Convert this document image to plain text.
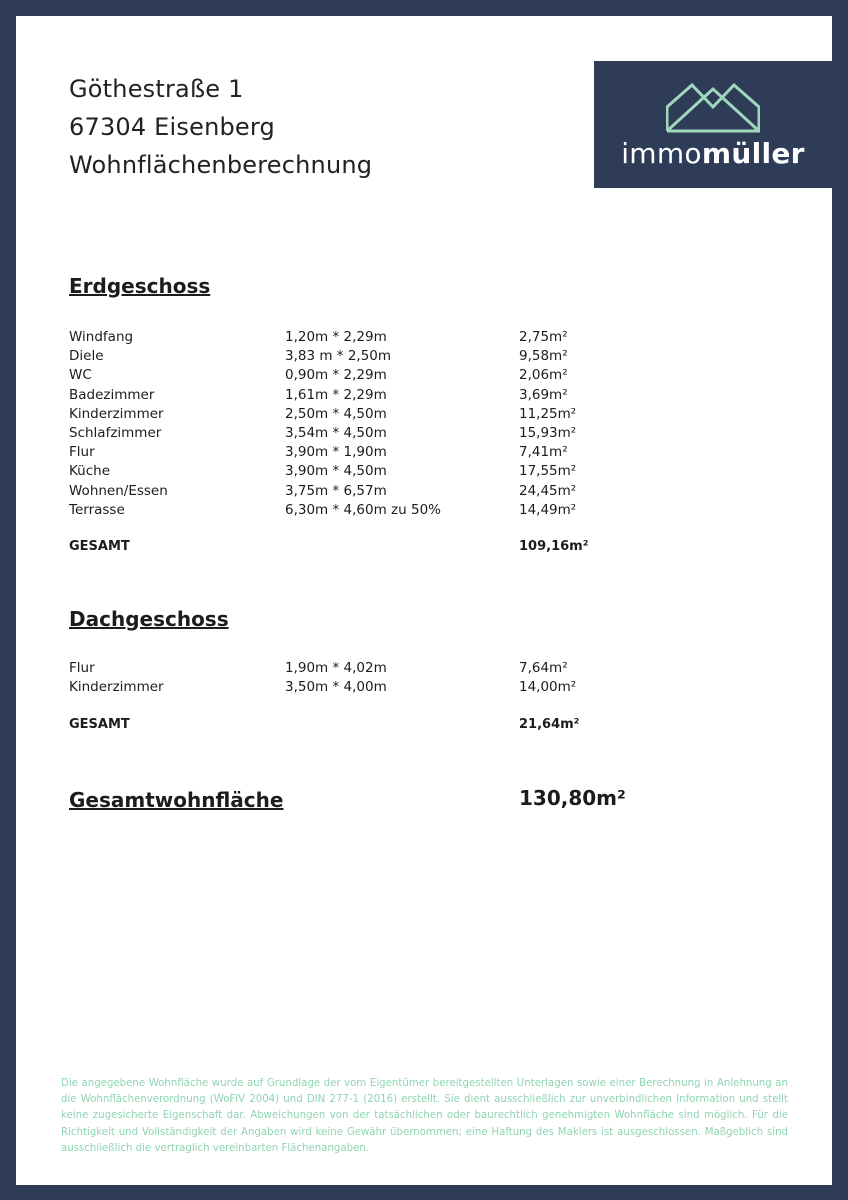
Göthestraße 1
67304 Eisenberg
Wohnflächenberechnung	immomüller
Erdgeschoss
Windfang	1,20m * 2,29m	2,75m²
Diele	3,83 m * 2,50m	9,58m²
WC	0,90m * 2,29m	2,06m²
Badezimmer	1,61m * 2,29m	3,69m²
Kinderzimmer	2,50m * 4,50m	11,25m²
Schlafzimmer	3,54m * 4,50m	15,93m²
Flur	3,90m * 1,90m	7,41m²
Küche	3,90m * 4,50m	17,55m²
Wohnen/Essen	3,75m * 6,57m	24,45m²
Terrasse	6,30m * 4,60m zu 50%	14,49m²
GESAMT	109,16m²
Dachgeschoss
Flur	1,90m * 4,02m	7,64m²
Kinderzimmer	3,50m * 4,00m	14,00m²
GESAMT	21,64m²
Gesamtwohnfläche	130,80m²
Die angegebene Wohnfläche wurde auf Grundlage der vom Eigentümer bereitgestellten Unterlagen sowie einer Berechnung in Anlehnung an die Wohnflächenverordnung (WoFlV 2004) und DIN 277-1 (2016) erstellt. Sie dient ausschließlich zur unverbindlichen Information und stellt keine zugesicherte Eigenschaft dar. Abweichungen von der tatsächlichen oder baurechtlich genehmigten Wohnfläche sind möglich. Für die Richtigkeit und Vollständigkeit der Angaben wird keine Gewähr übernommen; eine Haftung des Maklers ist ausgeschlossen. Maßgeblich sind ausschließlich die vertraglich vereinbarten Flächenangaben.
